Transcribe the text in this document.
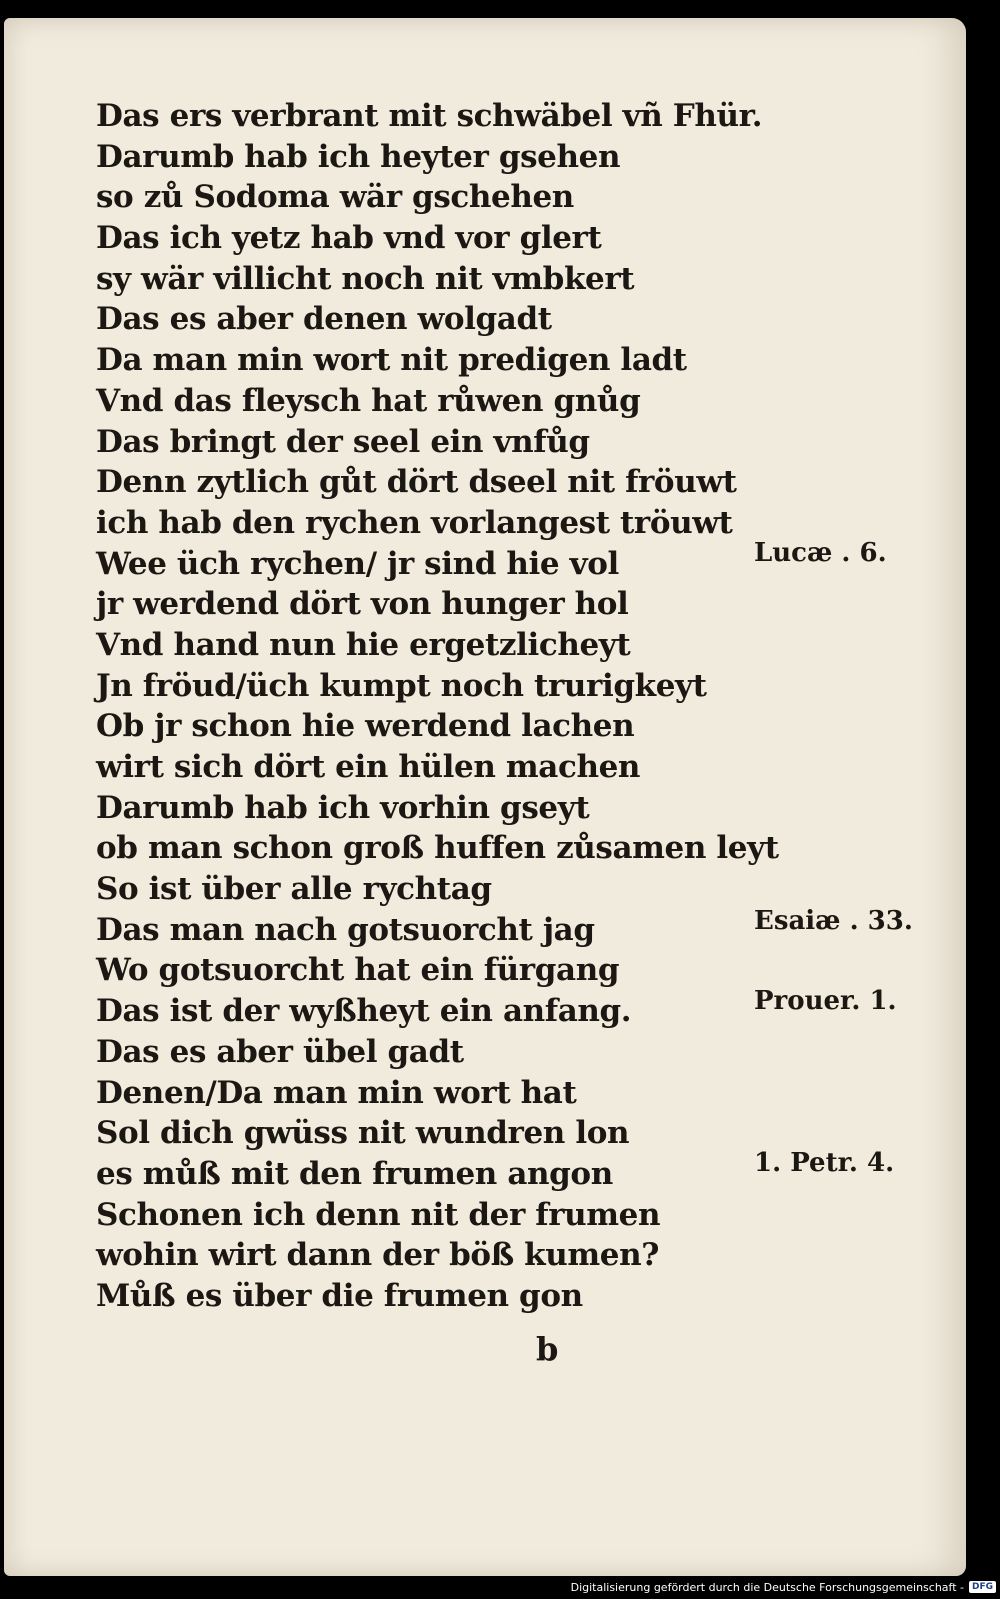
Das ers verbrant mit schwäbel vñ Fhür.
Darumb hab ich heyter gsehen
so zů Sodoma wär gschehen
Das ich yetz hab vnd vor glert
sy wär villicht noch nit vmbkert
Das es aber denen wolgadt
Da man min wort nit predigen ladt
Vnd das fleysch hat růwen gnůg
Das bringt der seel ein vnfůg
Denn zytlich gůt dört dseel nit fröuwt
ich hab den rychen vorlangest tröuwt
Wee üch rychen/ jr sind hie vol
jr werdend dört von hunger hol
Vnd hand nun hie ergetzlicheyt
Jn fröud/üch kumpt noch trurigkeyt
Ob jr schon hie werdend lachen
wirt sich dört ein hülen machen
Darumb hab ich vorhin gseyt
ob man schon groß huffen zůsamen leyt
So ist über alle rychtag
Das man nach gotsuorcht jag
Wo gotsuorcht hat ein fürgang
Das ist der wyßheyt ein anfang.
Das es aber übel gadt
Denen/Da man min wort hat
Sol dich gwüss nit wundren lon
es můß mit den frumen angon
Schonen ich denn nit der frumen
wohin wirt dann der böß kumen?
Můß es über die frumen gon
Lucæ . 6.
Esaiæ . 33.
Prouer. 1.
1. Petr. 4.
b
Digitalisierung gefördert durch die Deutsche Forschungsgemeinschaft - DFG
